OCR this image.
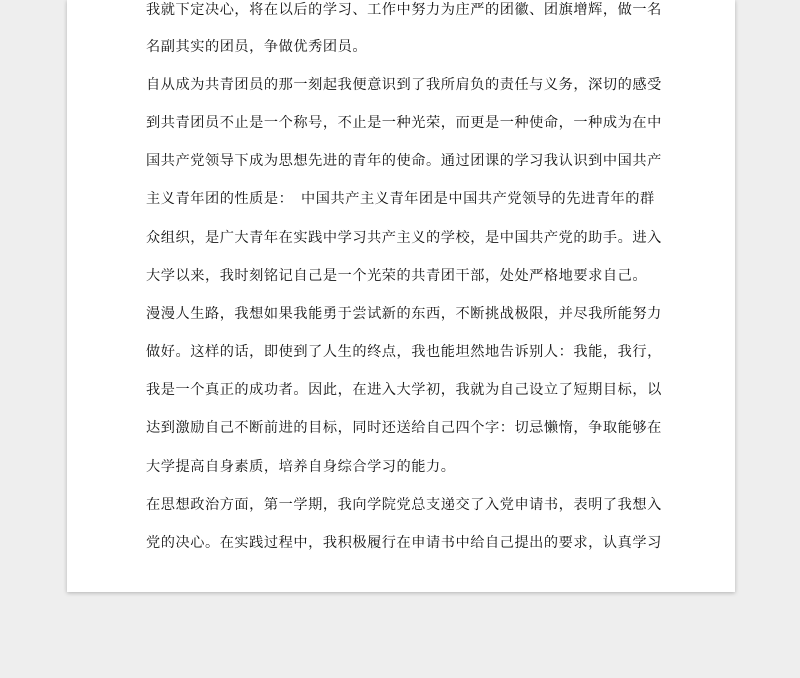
我就下定决心，将在以后的学习、工作中努力为庄严的团徽、团旗增辉，做一名
名副其实的团员，争做优秀团员。
自从成为共青团员的那一刻起我便意识到了我所肩负的责任与义务，深切的感受
到共青团员不止是一个称号，不止是一种光荣，而更是一种使命，一种成为在中
国共产党领导下成为思想先进的青年的使命。通过团课的学习我认识到中国共产
主义青年团的性质是：　中国共产主义青年团是中国共产党领导的先进青年的群
众组织，是广大青年在实践中学习共产主义的学校，是中国共产党的助手。进入
大学以来，我时刻铭记自己是一个光荣的共青团干部，处处严格地要求自己。
漫漫人生路，我想如果我能勇于尝试新的东西，不断挑战极限，并尽我所能努力
做好。这样的话，即使到了人生的终点，我也能坦然地告诉别人：我能，我行，
我是一个真正的成功者。因此，在进入大学初，我就为自己设立了短期目标，以
达到激励自己不断前进的目标，同时还送给自己四个字：切忌懒惰，争取能够在
大学提高自身素质，培养自身综合学习的能力。
在思想政治方面，第一学期，我向学院党总支递交了入党申请书，表明了我想入
党的决心。在实践过程中，我积极履行在申请书中给自己提出的要求，认真学习
